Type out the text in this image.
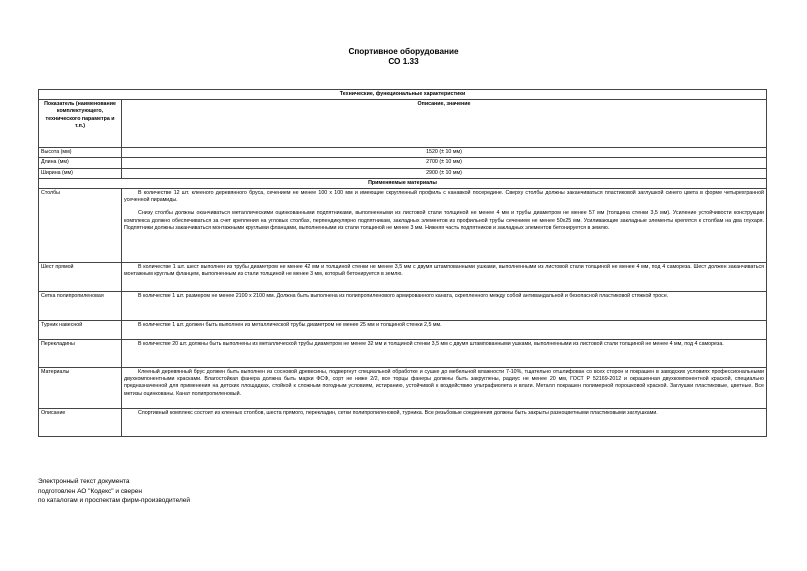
Спортивное оборудование
СО 1.33
Технические, функциональные характеристики	
Показатель (наименование комплектующего, технического параметра и т.п.)	Описание, значение
Высота (мм)	1520 (± 10 мм)
Длина (мм)	2700 (± 10 мм)
Ширина (мм)	2900 (± 10 мм)
Применяемые материалы	
Столбы	В количестве 12 шт. клееного деревянного бруса, сечением не менее 100 х 100 мм и имеющие скругленный профиль с канавкой посередине. Сверху столбы должны заканчиваться пластиковой заглушкой синего цвета в форме четырехгранной усеченной пирамиды.

Снизу столбы должны оканчиваться металлическими оцинкованными подпятниками, выполненными из листовой стали толщиной не менее 4 мм и трубы диаметром не менее 57 мм (толщина стенки 3,5 мм). Усиление устойчивости конструкции комплекса должно обеспечиваться за счет крепления на угловых столбах, перпендикулярно подпятникам, закладных элементов из профильной трубы сечением не менее 50х25 мм. Усиливающие закладные элементы крепятся к столбам на два глухаря. Подпятники должны заканчиваться монтажными круглыми фланцами, выполненными из стали толщиной не менее 3 мм. Нижняя часть подпятников и закладных элементов бетонируется в землю.

Шест прямой	В количестве 1 шт. шест выполнен из трубы диаметром не менее 42 мм и толщиной стенки не менее 3,5 мм с двумя штампованными ушками, выполненными из листовой стали толщиной не менее 4 мм, под 4 самореза. Шест должен заканчиваться монтажным круглым фланцем, выполненным из стали толщиной не менее 3 мм, который бетонируется в землю.

Сетка полипропиленовая	В количестве 1 шт. размером не менее 2100 х 2100 мм. Должна быть выполнена из полипропиленового армированного каната, скрепленного между собой антивандальной и безопасной пластиковой стяжкой тросе.

Турник навесной	В количестве 1 шт. должен быть выполнен из металлической трубы диаметром не менее 25 мм и толщиной стенки 2,5 мм.

Перекладины	В количестве 20 шт. должны быть выполнены из металлической трубы диаметром не менее 32 мм и толщиной стенки 3,5 мм с двумя штампованными ушками, выполненными из листовой стали толщиной не менее 4 мм, под 4 самореза.

Материалы	Клееный деревянный брус должен быть выполнен из сосновой древесины, подвергнут специальной обработке и сушке до мебельной влажности 7-10%, тщательно отшлифован со всех сторон и покрашен в заводских условиях профессиональными двухкомпонентными красками. Влагостойкая фанера должна быть марки ФСФ, сорт не ниже 2/2, все торцы фанеры должны быть закруглены, радиус не менее 20 мм, ГОСТ Р 52169-2012 и окрашенная двухкомпонентной краской, специально предназначенной для применения на детских площадках, стойкой к сложным погодным условиям, истиранию, устойчивой к воздействию ультрафиолета и влаги. Металл покрашен полимерной порошковой краской. Заглушки пластиковые, цветные. Все метизы оцинкованы. Канат полипропиленовый.

Описание	Спортивный комплекс состоит из клееных столбов, шеста прямого, перекладин, сетки полипропиленовой, турника. Все резьбовые соединения должны быть закрыты разноцветными пластиковыми заглушками.

Электронный текст документа
подготовлен АО "Кодекс" и сверен
по каталогам и проспектам фирм-производителей
